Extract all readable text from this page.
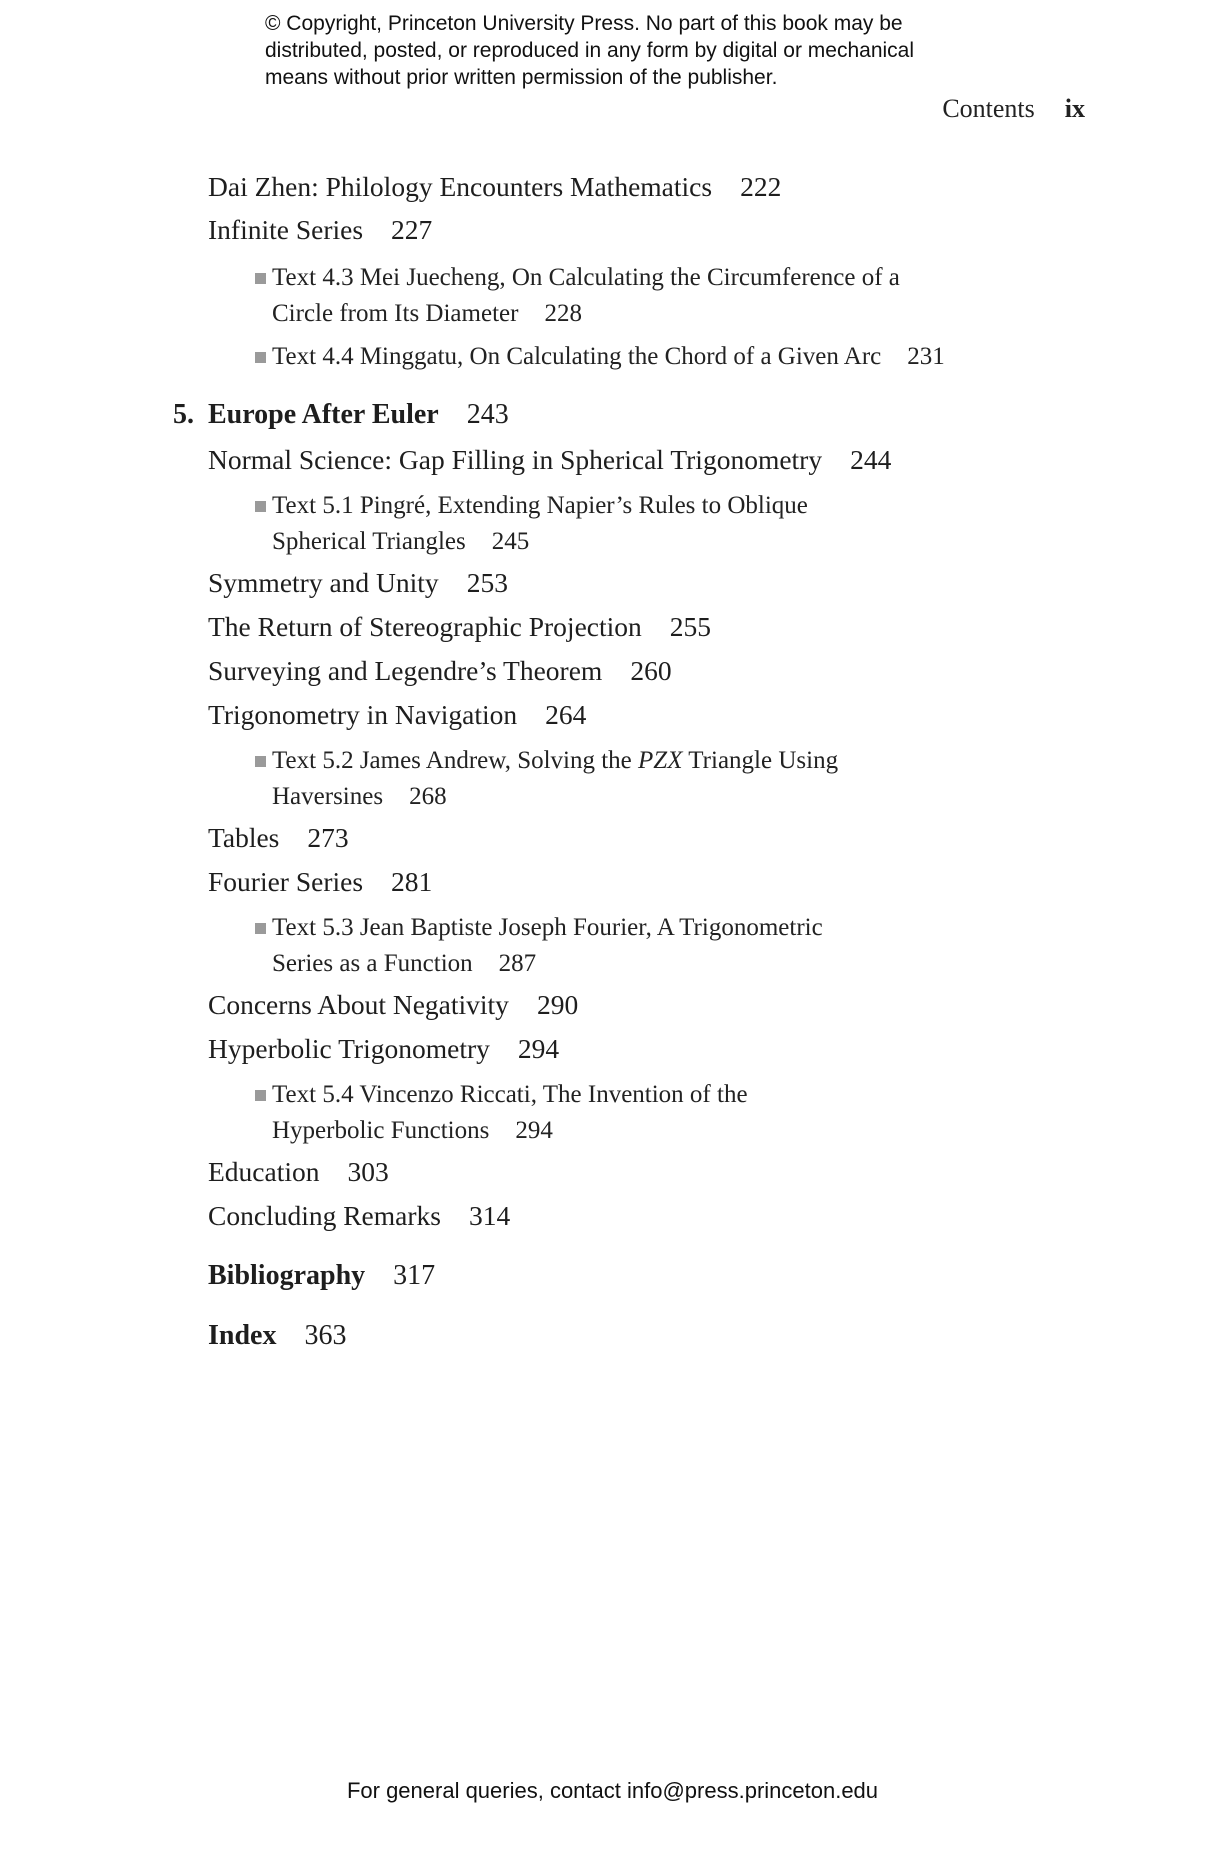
© Copyright, Princeton University Press. No part of this book may be
distributed, posted, or reproduced in any form by digital or mechanical
means without prior written permission of the publisher.
Contents ix
Dai Zhen: Philology Encounters Mathematics 222
Infinite Series 227
Text 4.3 Mei Juecheng, On Calculating the Circumference of a
Circle from Its Diameter 228
Text 4.4 Minggatu, On Calculating the Chord of a Given Arc 231
5. Europe After Euler 243
Normal Science: Gap Filling in Spherical Trigonometry 244
Text 5.1 Pingré, Extending Napier’s Rules to Oblique
Spherical Triangles 245
Symmetry and Unity 253
The Return of Stereographic Projection 255
Surveying and Legendre’s Theorem 260
Trigonometry in Navigation 264
Text 5.2 James Andrew, Solving the PZX Triangle Using
Haversines 268
Tables 273
Fourier Series 281
Text 5.3 Jean Baptiste Joseph Fourier, A Trigonometric
Series as a Function 287
Concerns About Negativity 290
Hyperbolic Trigonometry 294
Text 5.4 Vincenzo Riccati, The Invention of the
Hyperbolic Functions 294
Education 303
Concluding Remarks 314
Bibliography 317
Index 363
For general queries, contact info@press.princeton.edu
